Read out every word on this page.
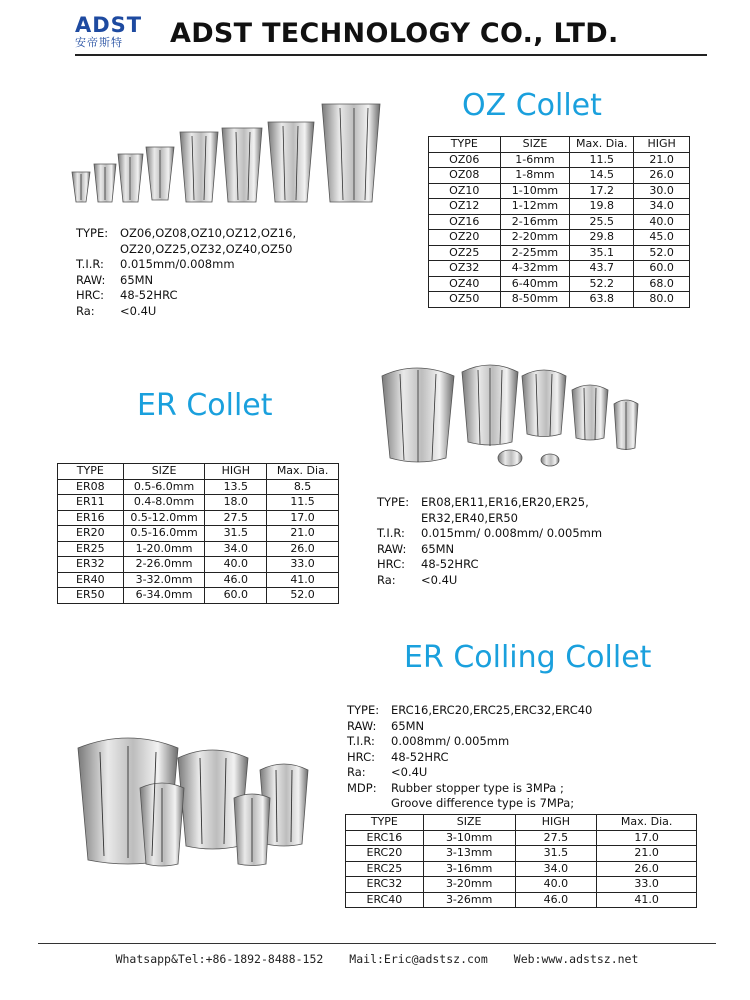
ADST
安帝斯特	ADST TECHNOLOGY CO., LTD.
OZ Collet
TYPE:	OZ06,OZ08,OZ10,OZ12,OZ16,
OZ20,OZ25,OZ32,OZ40,OZ50
T.I.R:	0.015mm/0.008mm
RAW:	65MN
HRC:	48-52HRC
Ra:	<0.4U
TYPE	SIZE	Max. Dia.	HIGH
OZ06	1-6mm	11.5	21.0
OZ08	1-8mm	14.5	26.0
OZ10	1-10mm	17.2	30.0
OZ12	1-12mm	19.8	34.0
OZ16	2-16mm	25.5	40.0
OZ20	2-20mm	29.8	45.0
OZ25	2-25mm	35.1	52.0
OZ32	4-32mm	43.7	60.0
OZ40	6-40mm	52.2	68.0
OZ50	8-50mm	63.8	80.0
ER Collet
TYPE	SIZE	HIGH	Max. Dia.
ER08	0.5-6.0mm	13.5	8.5
ER11	0.4-8.0mm	18.0	11.5
ER16	0.5-12.0mm	27.5	17.0
ER20	0.5-16.0mm	31.5	21.0
ER25	1-20.0mm	34.0	26.0
ER32	2-26.0mm	40.0	33.0
ER40	3-32.0mm	46.0	41.0
ER50	6-34.0mm	60.0	52.0
TYPE:	ER08,ER11,ER16,ER20,ER25,
ER32,ER40,ER50
T.I.R:	0.015mm/ 0.008mm/ 0.005mm
RAW:	65MN
HRC:	48-52HRC
Ra:	<0.4U
ER Colling Collet
TYPE:	ERC16,ERC20,ERC25,ERC32,ERC40
RAW:	65MN
T.I.R:	0.008mm/ 0.005mm
HRC:	48-52HRC
Ra:	<0.4U
MDP:	Rubber stopper type is 3MPa ;
Groove difference type is 7MPa;
TYPE	SIZE	HIGH	Max. Dia.
ERC16	3-10mm	27.5	17.0
ERC20	3-13mm	31.5	21.0
ERC25	3-16mm	34.0	26.0
ERC32	3-20mm	40.0	33.0
ERC40	3-26mm	46.0	41.0
Whatsapp&Tel:+86-1892-8488-152 Mail:Eric@adstsz.com Web:www.adstsz.net
